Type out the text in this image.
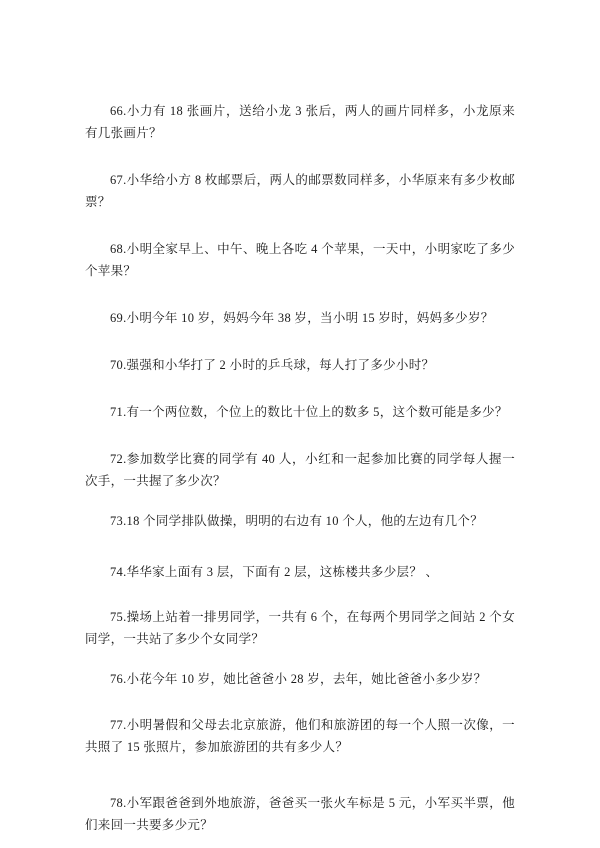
66.小力有 18 张画片，送给小龙 3 张后，两人的画片同样多，小龙原来有几张画片？

67.小华给小方 8 枚邮票后，两人的邮票数同样多，小华原来有多少枚邮票？

68.小明全家早上、中午、晚上各吃 4 个苹果，一天中，小明家吃了多少个苹果？

69.小明今年 10 岁，妈妈今年 38 岁，当小明 15 岁时，妈妈多少岁？

70.强强和小华打了 2 小时的乒乓球，每人打了多少小时？

71.有一个两位数，个位上的数比十位上的数多 5，这个数可能是多少？

72.参加数学比赛的同学有 40 人，小红和一起参加比赛的同学每人握一次手，一共握了多少次？

73.18 个同学排队做操，明明的右边有 10 个人，他的左边有几个？

74.华华家上面有 3 层，下面有 2 层，这栋楼共多少层？ 、

75.操场上站着一排男同学，一共有 6 个，在每两个男同学之间站 2 个女同学，一共站了多少个女同学？

76.小花今年 10 岁，她比爸爸小 28 岁，去年，她比爸爸小多少岁？

77.小明暑假和父母去北京旅游，他们和旅游团的每一个人照一次像，一共照了 15 张照片，参加旅游团的共有多少人？

78.小军跟爸爸到外地旅游，爸爸买一张火车标是 5 元，小军买半票，他们来回一共要多少元？
